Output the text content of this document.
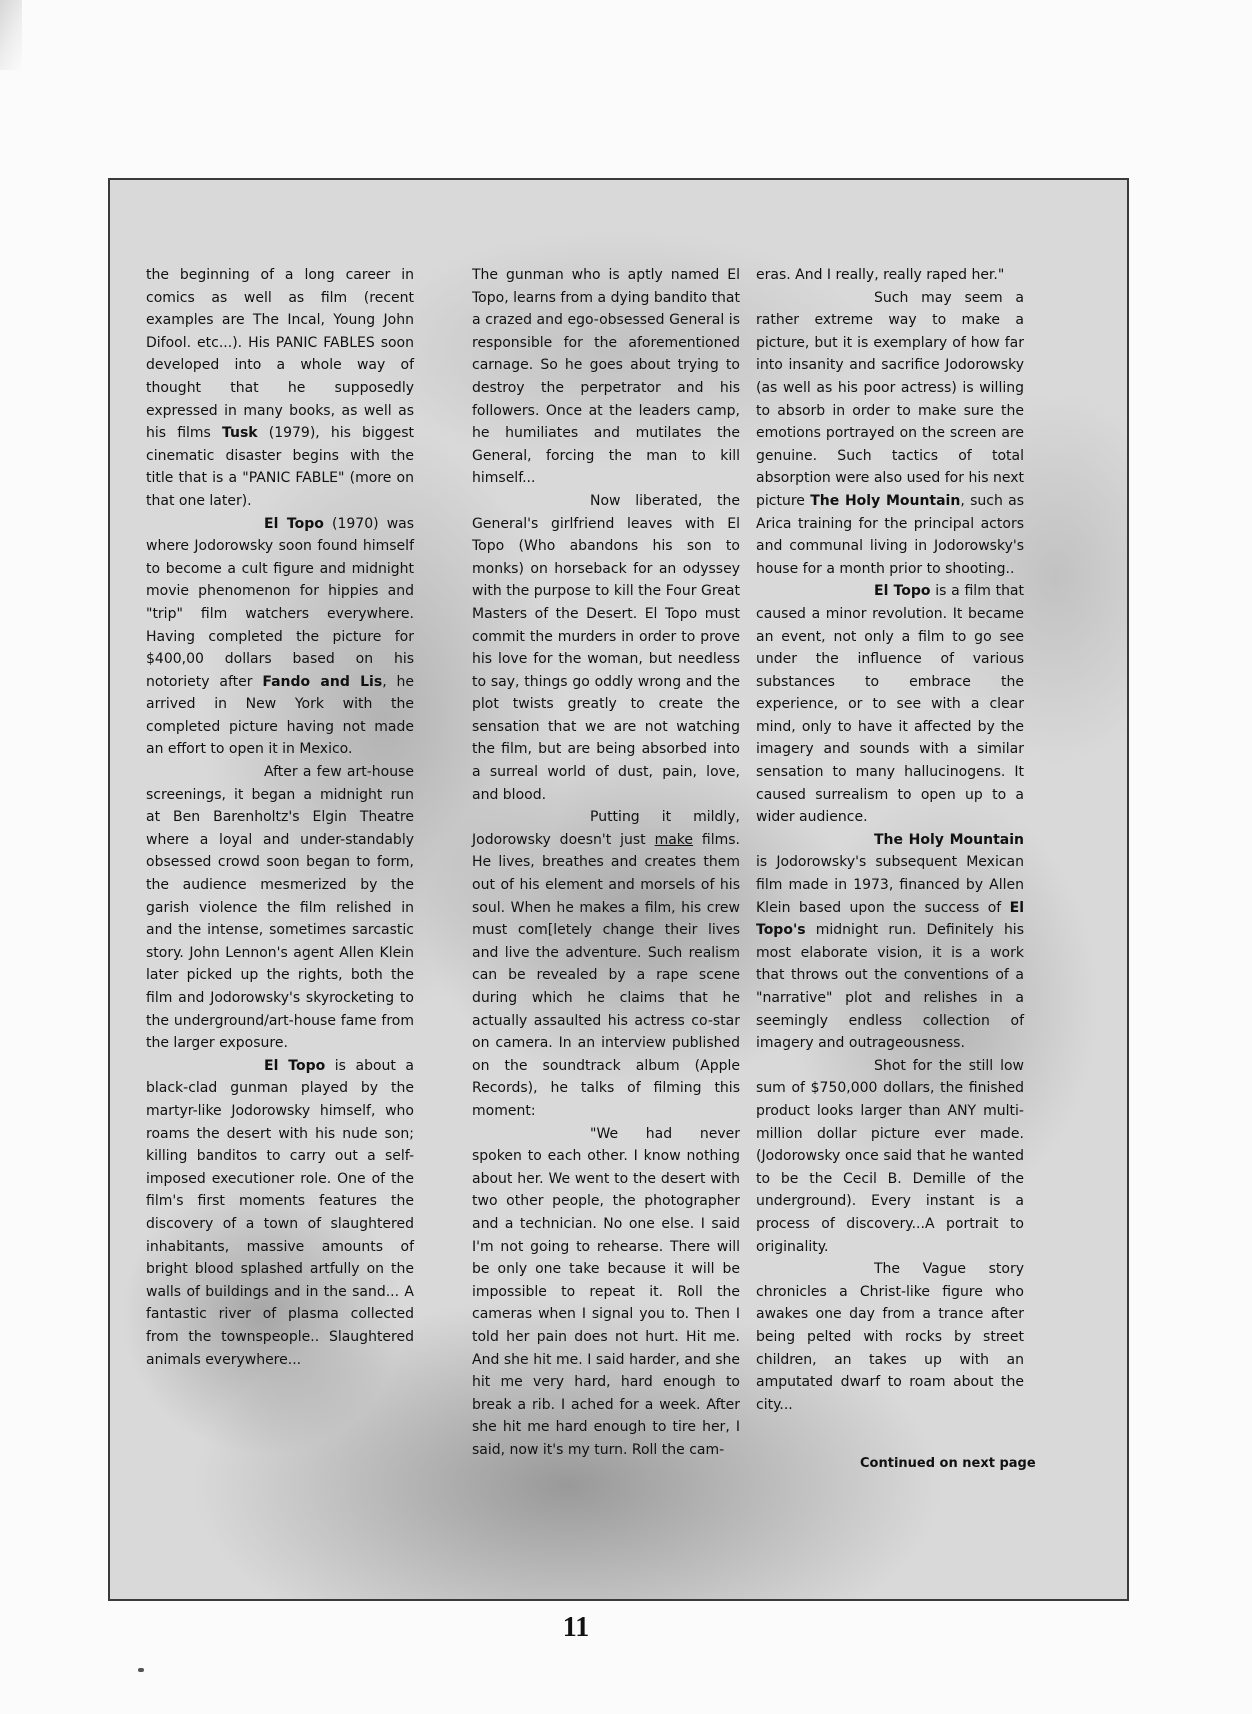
the beginning of a long career in comics as well as film (recent examples are The Incal, Young John Difool. etc...). His PANIC FABLES soon developed into a whole way of thought that he supposedly expressed in many books, as well as his films Tusk (1979), his biggest cinematic disaster begins with the title that is a "PANIC FABLE" (more on that one later).

El Topo (1970) was where Jodorowsky soon found himself to become a cult figure and midnight movie phenomenon for hippies and "trip" film watchers everywhere. Having completed the picture for $400,00 dollars based on his notoriety after Fando and Lis, he arrived in New York with the completed picture having not made an effort to open it in Mexico.

After a few art-house screenings, it began a midnight run at Ben Barenholtz's Elgin Theatre where a loyal and under-standably obsessed crowd soon began to form, the audience mesmerized by the garish violence the film relished in and the intense, sometimes sarcastic story. John Lennon's agent Allen Klein later picked up the rights, both the film and Jodorowsky's skyrocketing to the underground/art-house fame from the larger exposure.

El Topo is about a black-clad gunman played by the martyr-like Jodorowsky himself, who roams the desert with his nude son; killing banditos to carry out a self-imposed executioner role. One of the film's first moments features the discovery of a town of slaughtered inhabitants, massive amounts of bright blood splashed artfully on the walls of buildings and in the sand... A fantastic river of plasma collected from the townspeople.. Slaughtered animals everywhere...

The gunman who is aptly named El Topo, learns from a dying bandito that a crazed and ego-obsessed General is responsible for the aforementioned carnage. So he goes about trying to destroy the perpetrator and his followers. Once at the leaders camp, he humiliates and mutilates the General, forcing the man to kill himself...

Now liberated, the General's girlfriend leaves with El Topo (Who abandons his son to monks) on horseback for an odyssey with the purpose to kill the Four Great Masters of the Desert. El Topo must commit the murders in order to prove his love for the woman, but needless to say, things go oddly wrong and the plot twists greatly to create the sensation that we are not watching the film, but are being absorbed into a surreal world of dust, pain, love, and blood.

Putting it mildly, Jodorowsky doesn't just make films. He lives, breathes and creates them out of his element and morsels of his soul. When he makes a film, his crew must com[letely change their lives and live the adventure. Such realism can be revealed by a rape scene during which he claims that he actually assaulted his actress co-star on camera. In an interview published on the soundtrack album (Apple Records), he talks of filming this moment:

"We had never spoken to each other. I know nothing about her. We went to the desert with two other people, the photographer and a technician. No one else. I said I'm not going to rehearse. There will be only one take because it will be impossible to repeat it. Roll the cameras when I signal you to. Then I told her pain does not hurt. Hit me. And she hit me. I said harder, and she hit me very hard, hard enough to break a rib. I ached for a week. After she hit me hard enough to tire her, I said, now it's my turn. Roll the cam-

eras. And I really, really raped her."

Such may seem a rather extreme way to make a picture, but it is exemplary of how far into insanity and sacrifice Jodorowsky (as well as his poor actress) is willing to absorb in order to make sure the emotions portrayed on the screen are genuine. Such tactics of total absorption were also used for his next picture The Holy Mountain, such as Arica training for the principal actors and communal living in Jodorowsky's house for a month prior to shooting..

El Topo is a film that caused a minor revolution. It became an event, not only a film to go see under the influence of various substances to embrace the experience, or to see with a clear mind, only to have it affected by the imagery and sounds with a similar sensation to many hallucinogens. It caused surrealism to open up to a wider audience.

The Holy Mountain is Jodorowsky's subsequent Mexican film made in 1973, financed by Allen Klein based upon the success of El Topo's midnight run. Definitely his most elaborate vision, it is a work that throws out the conventions of a "narrative" plot and relishes in a seemingly endless collection of imagery and outrageousness.

Shot for the still low sum of $750,000 dollars, the finished product looks larger than ANY multi-million dollar picture ever made. (Jodorowsky once said that he wanted to be the Cecil B. Demille of the underground). Every instant is a process of discovery...A portrait to originality.

The Vague story chronicles a Christ-like figure who awakes one day from a trance after being pelted with rocks by street children, an takes up with an amputated dwarf to roam about the city...

Continued on next page
11
